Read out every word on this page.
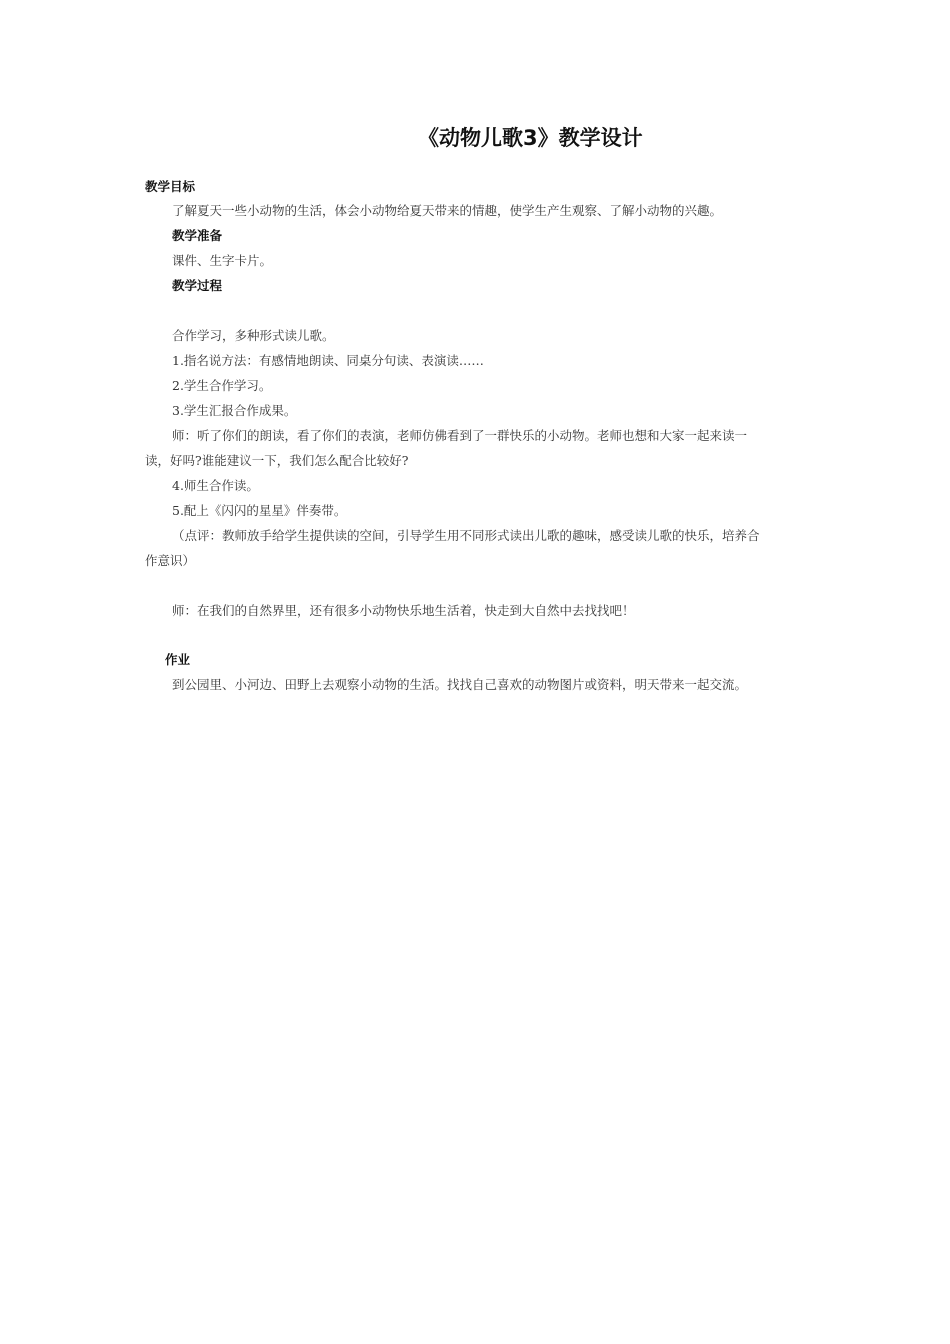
《动物儿歌3》教学设计
教学目标
了解夏天一些小动物的生活，体会小动物给夏天带来的情趣，使学生产生观察、了解小动物的兴趣。
教学准备
课件、生字卡片。
教学过程
合作学习，多种形式读儿歌。
1.指名说方法：有感情地朗读、同桌分句读、表演读……
2.学生合作学习。
3.学生汇报合作成果。
师：听了你们的朗读，看了你们的表演，老师仿佛看到了一群快乐的小动物。老师也想和大家一起来读一
读，好吗?谁能建议一下，我们怎么配合比较好?
4.师生合作读。
5.配上《闪闪的星星》伴奏带。
（点评：教师放手给学生提供读的空间，引导学生用不同形式读出儿歌的趣味，感受读儿歌的快乐，培养合
作意识）
师：在我们的自然界里，还有很多小动物快乐地生活着，快走到大自然中去找找吧！
作业
到公园里、小河边、田野上去观察小动物的生活。找找自己喜欢的动物图片或资料，明天带来一起交流。
